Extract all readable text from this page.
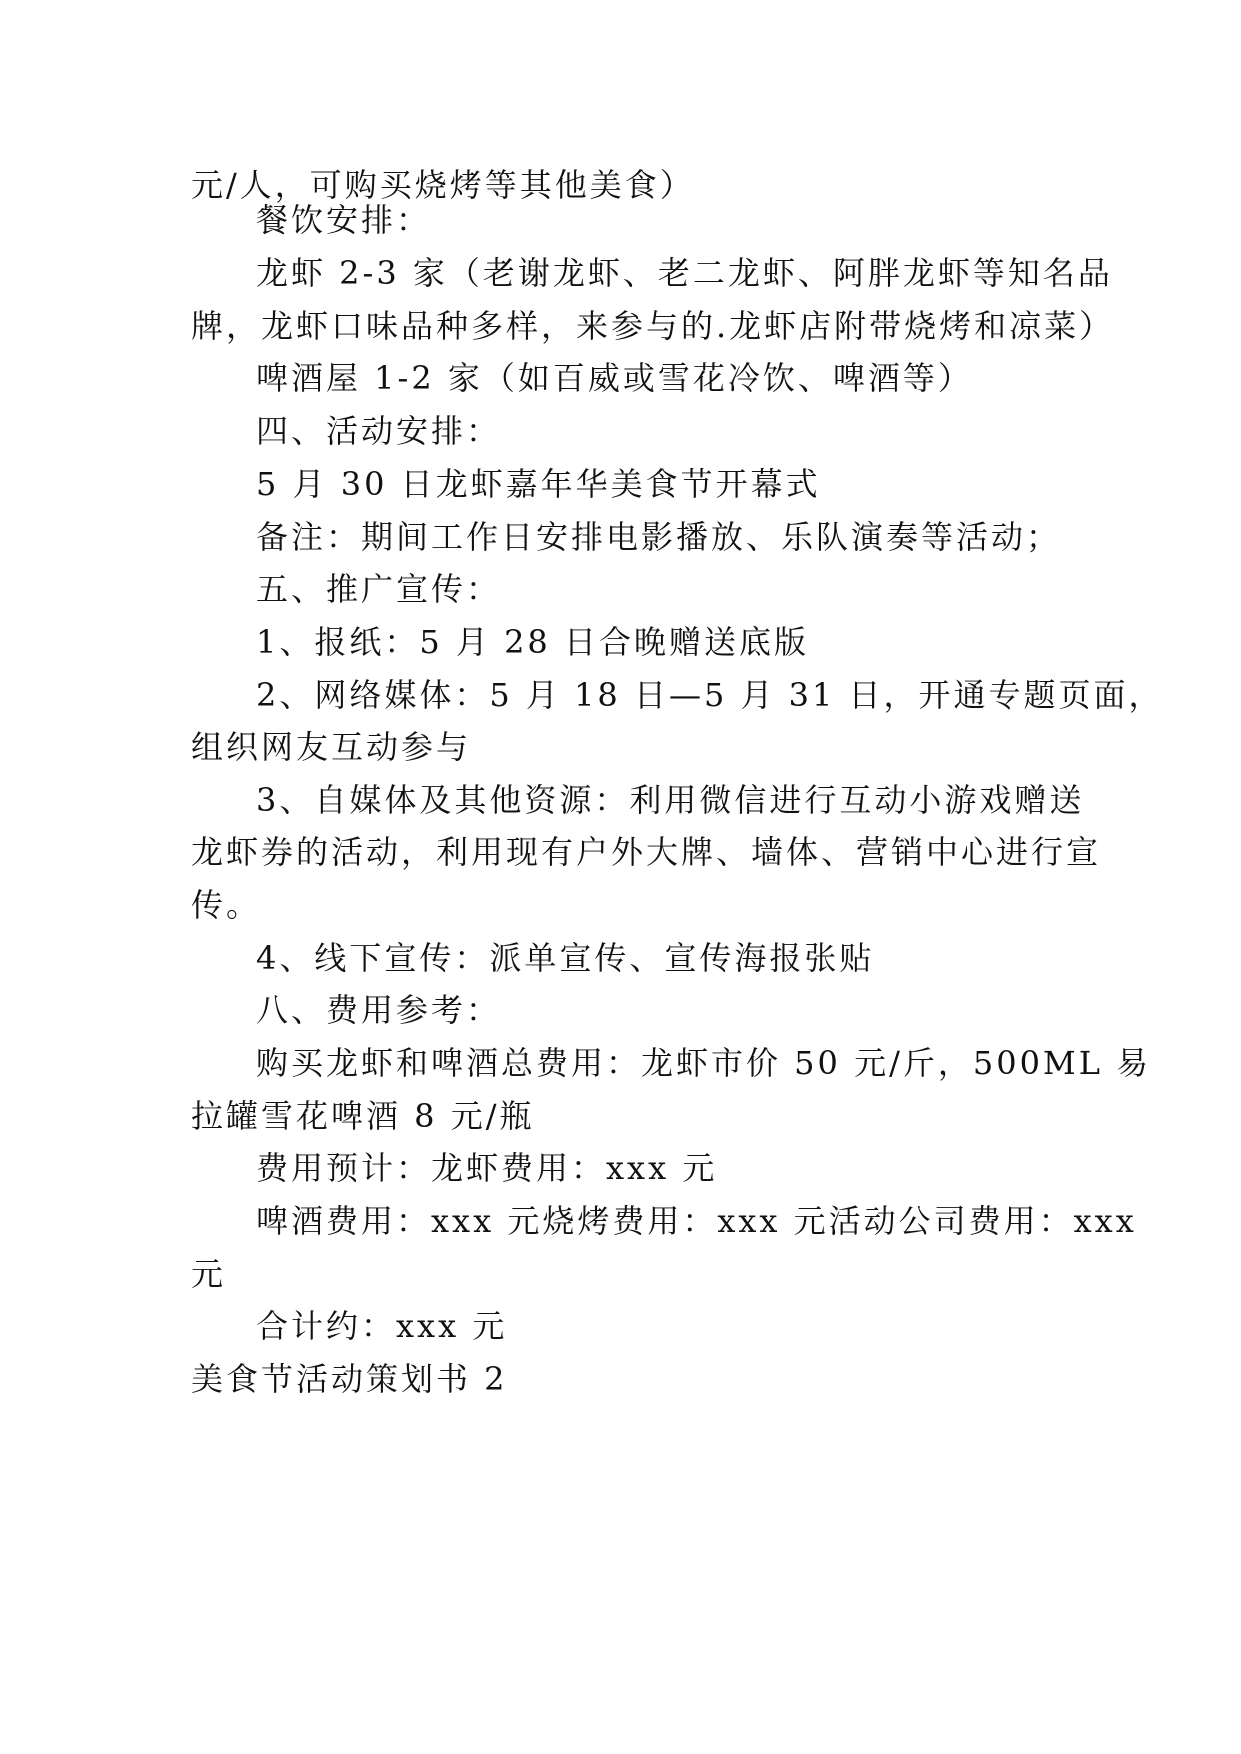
元/人，可购买烧烤等其他美食）
餐饮安排：
龙虾 2-3 家（老谢龙虾、老二龙虾、阿胖龙虾等知名品
牌，龙虾口味品种多样，来参与的.龙虾店附带烧烤和凉菜）
啤酒屋 1-2 家（如百威或雪花冷饮、啤酒等）
四、活动安排：
5 月 30 日龙虾嘉年华美食节开幕式
备注：期间工作日安排电影播放、乐队演奏等活动；
五、推广宣传：
1、报纸：5 月 28 日合晚赠送底版
2、网络媒体：5 月 18 日—5 月 31 日，开通专题页面，
组织网友互动参与
3、自媒体及其他资源：利用微信进行互动小游戏赠送
龙虾券的活动，利用现有户外大牌、墙体、营销中心进行宣
传。
4、线下宣传：派单宣传、宣传海报张贴
八、费用参考：
购买龙虾和啤酒总费用：龙虾市价 50 元/斤，500ML 易
拉罐雪花啤酒 8 元/瓶
费用预计：龙虾费用：xxx 元
啤酒费用：xxx 元烧烤费用：xxx 元活动公司费用：xxx
元
合计约：xxx 元
美食节活动策划书 2
